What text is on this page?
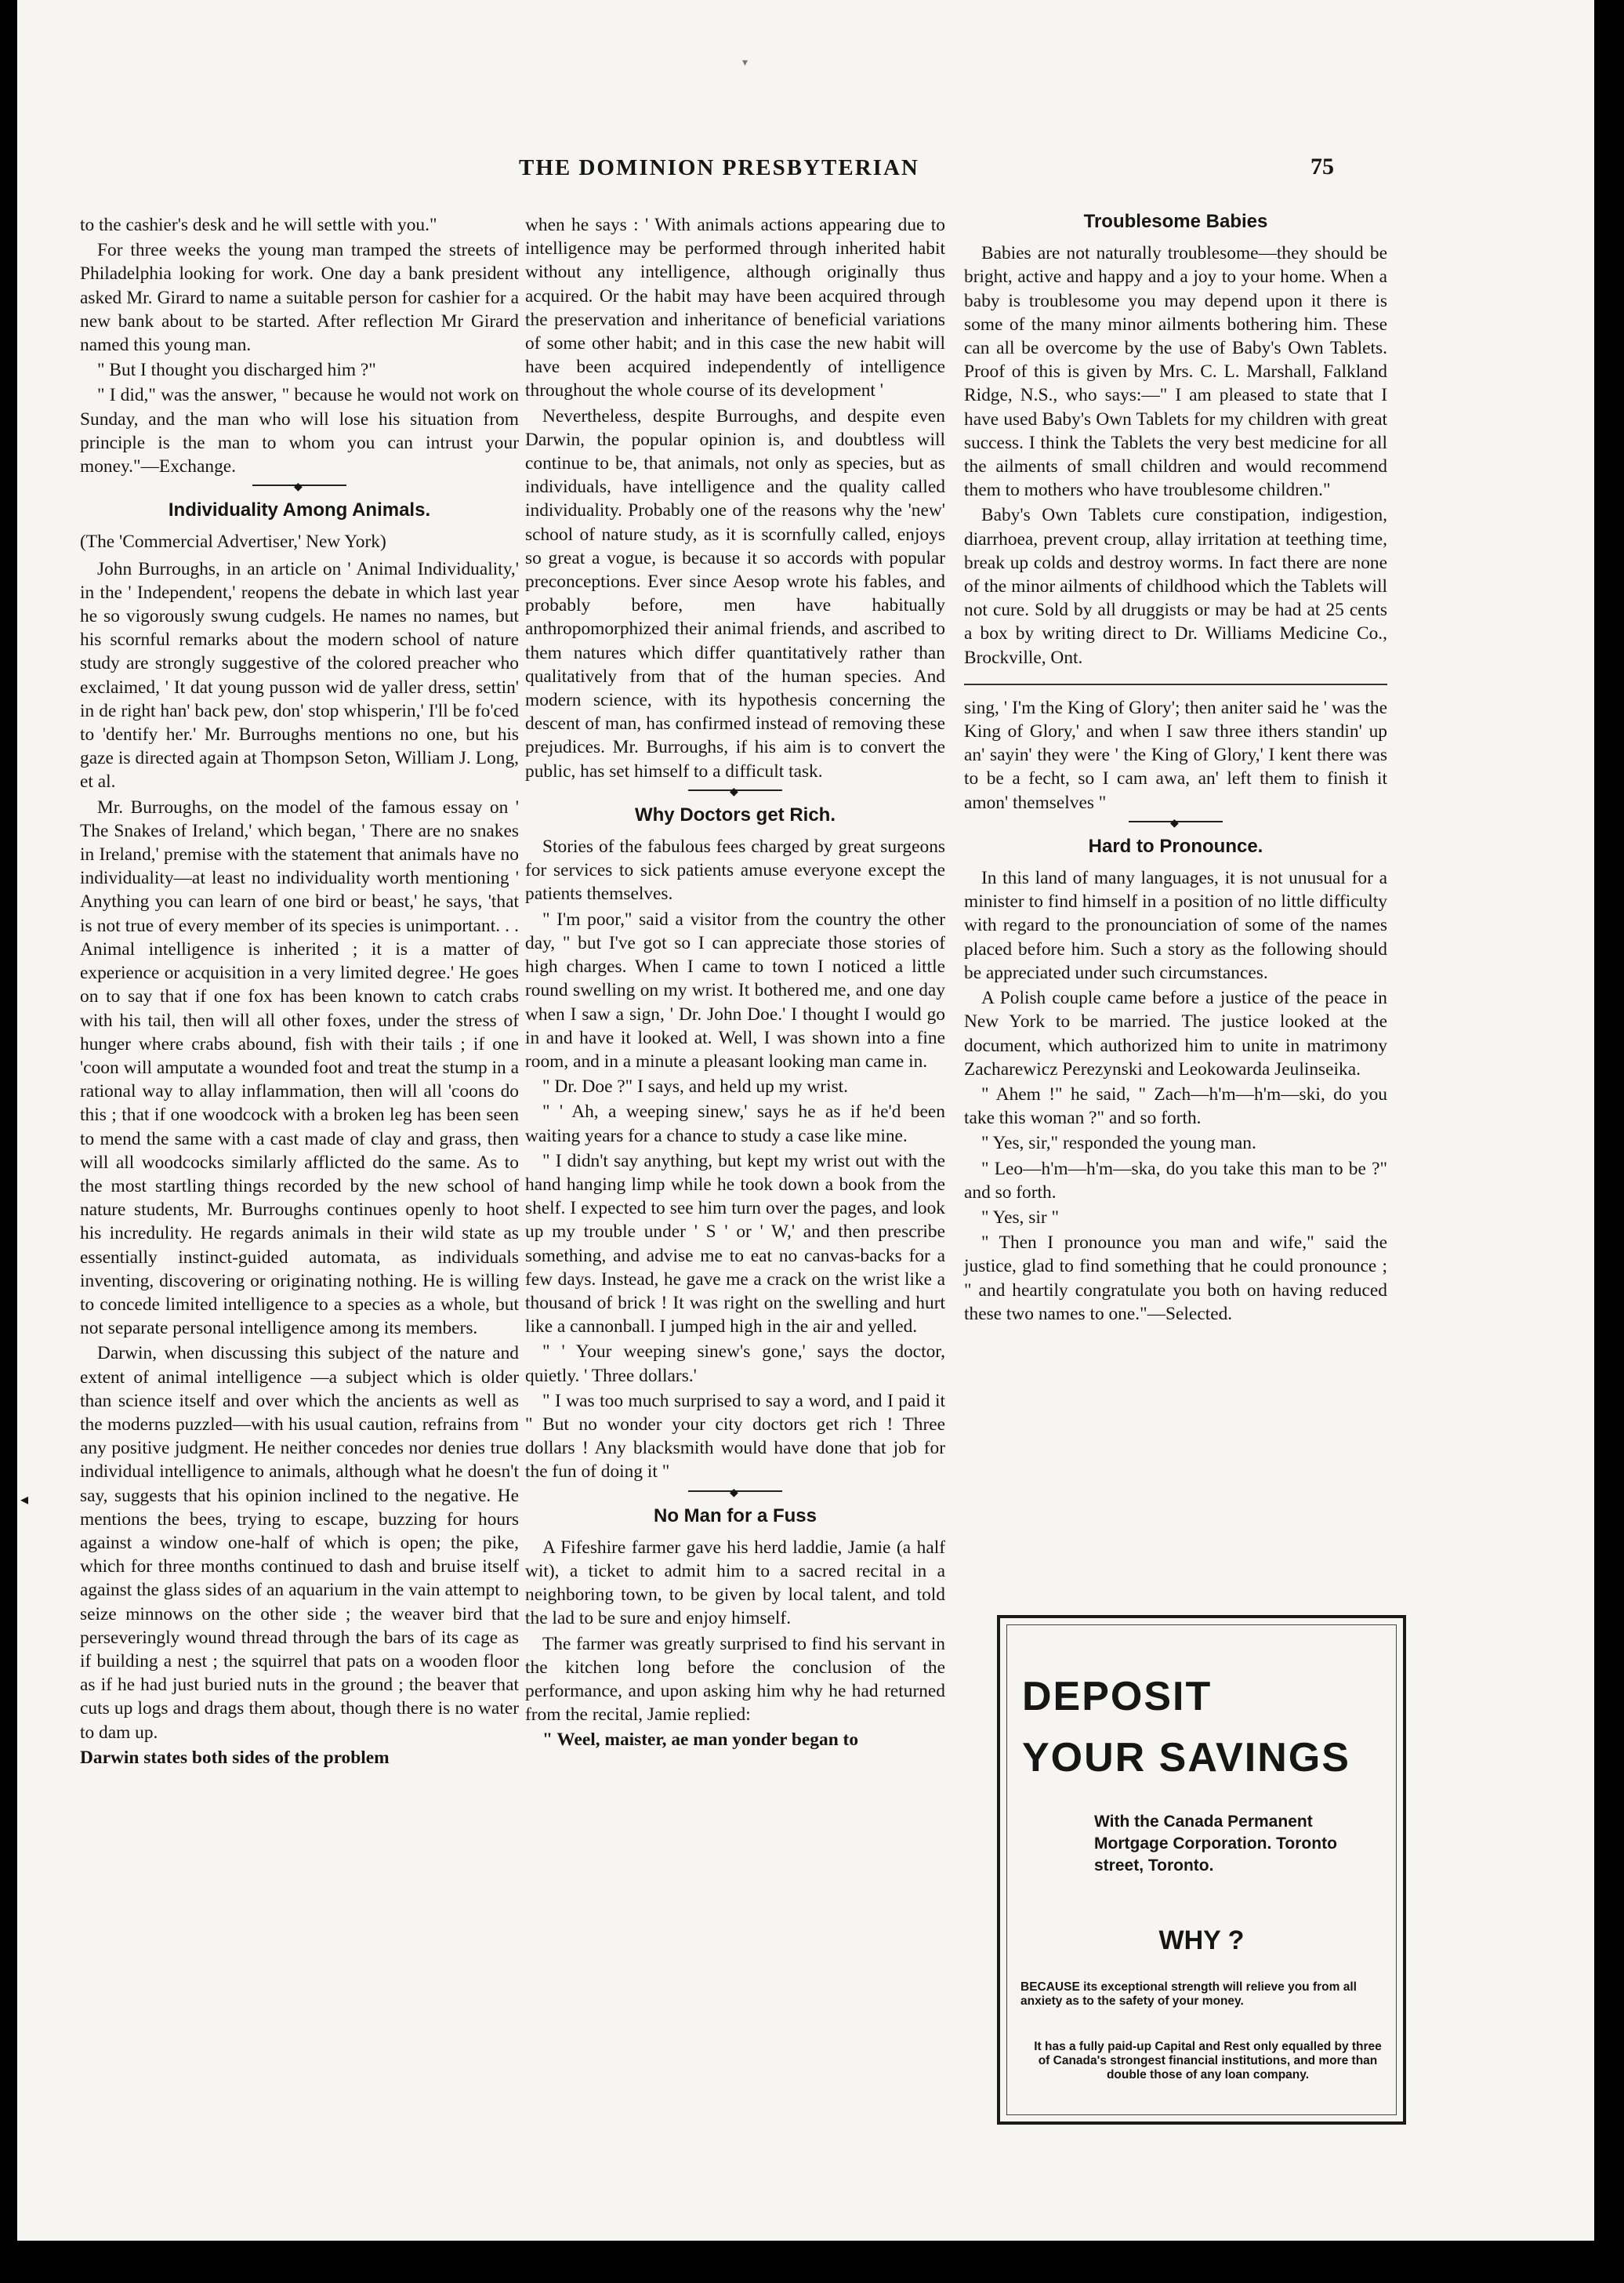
▾
◂
THE DOMINION PRESBYTERIAN	75

to the cashier's desk and he will settle with you."

For three weeks the young man tramped the streets of Philadelphia looking for work. One day a bank president asked Mr. Girard to name a suitable person for cashier for a new bank about to be started. After reflection Mr Girard named this young man.

" But I thought you discharged him ?"

" I did," was the answer, " because he would not work on Sunday, and the man who will lose his situation from principle is the man to whom you can intrust your money."—Exchange.

◆
Individuality Among Animals.

(The 'Commercial Advertiser,' New York)

John Burroughs, in an article on ' Animal Individuality,' in the ' Independent,' reopens the debate in which last year he so vigorously swung cudgels. He names no names, but his scornful remarks about the modern school of nature study are strongly suggestive of the colored preacher who exclaimed, ' It dat young pusson wid de yaller dress, settin' in de right han' back pew, don' stop whisperin,' I'll be fo'ced to 'dentify her.' Mr. Burroughs mentions no one, but his gaze is directed again at Thompson Seton, William J. Long, et al.

Mr. Burroughs, on the model of the famous essay on ' The Snakes of Ireland,' which began, ' There are no snakes in Ireland,' premise with the statement that animals have no individuality—at least no individuality worth mentioning ' Anything you can learn of one bird or beast,' he says, 'that is not true of every member of its species is unimportant. . . Animal intelligence is inherited ; it is a matter of experience or acquisition in a very limited degree.' He goes on to say that if one fox has been known to catch crabs with his tail, then will all other foxes, under the stress of hunger where crabs abound, fish with their tails ; if one 'coon will amputate a wounded foot and treat the stump in a rational way to allay inflammation, then will all 'coons do this ; that if one woodcock with a broken leg has been seen to mend the same with a cast made of clay and grass, then will all woodcocks similarly afflicted do the same. As to the most startling things recorded by the new school of nature students, Mr. Burroughs continues openly to hoot his incredulity. He regards animals in their wild state as essentially instinct-guided automata, as individuals inventing, discovering or originating nothing. He is willing to concede limited intelligence to a species as a whole, but not separate personal intelligence among its members.

Darwin, when discussing this subject of the nature and extent of animal intelligence —a subject which is older than science itself and over which the ancients as well as the moderns puzzled—with his usual caution, refrains from any positive judgment. He neither concedes nor denies true individual intelligence to animals, although what he doesn't say, suggests that his opinion inclined to the negative. He mentions the bees, trying to escape, buzzing for hours against a window one-half of which is open; the pike, which for three months continued to dash and bruise itself against the glass sides of an aquarium in the vain attempt to seize minnows on the other side ; the weaver bird that perseveringly wound thread through the bars of its cage as if building a nest ; the squirrel that pats on a wooden floor as if he had just buried nuts in the ground ; the beaver that cuts up logs and drags them about, though there is no water to dam up.

Darwin states both sides of the problem

when he says : ' With animals actions appearing due to intelligence may be performed through inherited habit without any intelligence, although originally thus acquired. Or the habit may have been acquired through the preservation and inheritance of beneficial variations of some other habit; and in this case the new habit will have been acquired independently of intelligence throughout the whole course of its development '

Nevertheless, despite Burroughs, and despite even Darwin, the popular opinion is, and doubtless will continue to be, that animals, not only as species, but as individuals, have intelligence and the quality called individuality. Probably one of the reasons why the 'new' school of nature study, as it is scornfully called, enjoys so great a vogue, is because it so accords with popular preconceptions. Ever since Aesop wrote his fables, and probably before, men have habitually anthropomorphized their animal friends, and ascribed to them natures which differ quantitatively rather than qualitatively from that of the human species. And modern science, with its hypothesis concerning the descent of man, has confirmed instead of removing these prejudices. Mr. Burroughs, if his aim is to convert the public, has set himself to a difficult task.

◆
Why Doctors get Rich.

Stories of the fabulous fees charged by great surgeons for services to sick patients amuse everyone except the patients themselves.

" I'm poor," said a visitor from the country the other day, " but I've got so I can appreciate those stories of high charges. When I came to town I noticed a little round swelling on my wrist. It bothered me, and one day when I saw a sign, ' Dr. John Doe.' I thought I would go in and have it looked at. Well, I was shown into a fine room, and in a minute a pleasant looking man came in.

" Dr. Doe ?" I says, and held up my wrist.

" ' Ah, a weeping sinew,' says he as if he'd been waiting years for a chance to study a case like mine.

" I didn't say anything, but kept my wrist out with the hand hanging limp while he took down a book from the shelf. I expected to see him turn over the pages, and look up my trouble under ' S ' or ' W,' and then prescribe something, and advise me to eat no canvas-backs for a few days. Instead, he gave me a crack on the wrist like a thousand of brick ! It was right on the swelling and hurt like a cannonball. I jumped high in the air and yelled.

" ' Your weeping sinew's gone,' says the doctor, quietly. ' Three dollars.'

" I was too much surprised to say a word, and I paid it " But no wonder your city doctors get rich ! Three dollars ! Any blacksmith would have done that job for the fun of doing it "

◆
No Man for a Fuss

A Fifeshire farmer gave his herd laddie, Jamie (a half wit), a ticket to admit him to a sacred recital in a neighboring town, to be given by local talent, and told the lad to be sure and enjoy himself.

The farmer was greatly surprised to find his servant in the kitchen long before the conclusion of the performance, and upon asking him why he had returned from the recital, Jamie replied:

" Weel, maister, ae man yonder began to

Troublesome Babies

Babies are not naturally troublesome—they should be bright, active and happy and a joy to your home. When a baby is troublesome you may depend upon it there is some of the many minor ailments bothering him. These can all be overcome by the use of Baby's Own Tablets. Proof of this is given by Mrs. C. L. Marshall, Falkland Ridge, N.S., who says:—" I am pleased to state that I have used Baby's Own Tablets for my children with great success. I think the Tablets the very best medicine for all the ailments of small children and would recommend them to mothers who have troublesome children."

Baby's Own Tablets cure constipation, indigestion, diarrhoea, prevent croup, allay irritation at teething time, break up colds and destroy worms. In fact there are none of the minor ailments of childhood which the Tablets will not cure. Sold by all druggists or may be had at 25 cents a box by writing direct to Dr. Williams Medicine Co., Brockville, Ont.

sing, ' I'm the King of Glory'; then aniter said he ' was the King of Glory,' and when I saw three ithers standin' up an' sayin' they were ' the King of Glory,' I kent there was to be a fecht, so I cam awa, an' left them to finish it amon' themselves "

◆
Hard to Pronounce.

In this land of many languages, it is not unusual for a minister to find himself in a position of no little difficulty with regard to the pronounciation of some of the names placed before him. Such a story as the following should be appreciated under such circumstances.

A Polish couple came before a justice of the peace in New York to be married. The justice looked at the document, which authorized him to unite in matrimony Zacharewicz Perezynski and Leokowarda Jeulinseika.

" Ahem !" he said, " Zach—h'm—h'm—ski, do you take this woman ?" and so forth.

" Yes, sir," responded the young man.

" Leo—h'm—h'm—ska, do you take this man to be ?" and so forth.

" Yes, sir "

" Then I pronounce you man and wife," said the justice, glad to find something that he could pronounce ; " and heartily congratulate you both on having reduced these two names to one."—Selected.

DEPOSIT
YOUR SAVINGS
With the Canada Permanent Mortgage Corporation. Toronto street, Toronto.
WHY ?
BECAUSE its exceptional strength will relieve you from all anxiety as to the safety of your money.
It has a fully paid-up Capital and Rest only equalled by three of Canada's strongest financial institutions, and more than double those of any loan company.
